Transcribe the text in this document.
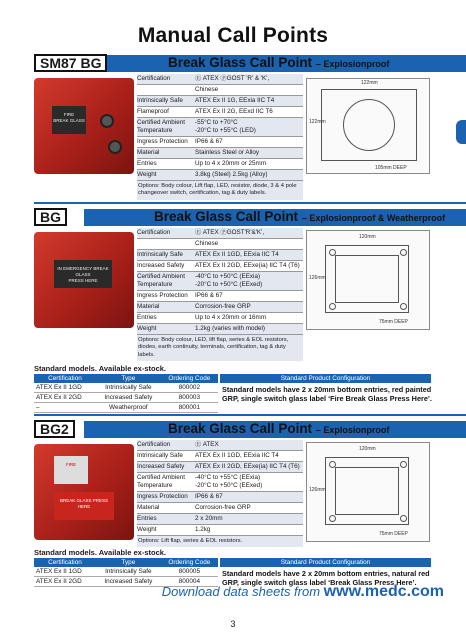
Manual Call Points
SM87 BG	Break Glass Call Point – Explosionproof
FIRE
BREAK GLASS
Certification	Ⓔ ATEX ⓅGOST 'R' & 'K',
Chinese
Intrinsically Safe	ATEX Ex II 1G, EExia IIC T4
Flameproof	ATEX Ex II 2G, EExd IIC T6
Certified Ambient Temperature
-55°C to +70°C
-20°C to +55°C (LED)
Ingress Protection	IP66 & 67
Material	Stainless Steel or Alloy
Entries	Up to 4 x 20mm or 25mm
Weight	3.8kg (Steel) 2.5kg (Alloy)
Options: Body colour, Lift flap, LED, resistor, diode, 3 & 4 pole changeover switch, certification, tag & duty labels.
122mm
122mm
105mm DEEP
BG	Break Glass Call Point – Explosionproof & Weatherproof
IN EMERGENCY BREAK GLASS
PRESS HERE
Certification	Ⓔ ATEX ⓅGOST'R'&'K',
Chinese
Intrinsically Safe	ATEX Ex II 1GD, EExia IIC T4
Increased Safety	ATEX Ex II 2GD, EExe(ia) IIC T4 (T6)
Certified Ambient Temperature
-40°C to +50°C (EExia)
-20°C to +50°C (EExed)
Ingress Protection	IP66 & 67
Material	Corrosion-free GRP
Entries	Up to 4 x 20mm or 16mm
Weight	1.2kg (varies with model)
Options: Body colour, LED, lift flap, series & EOL resistors, diodes, earth continuity, terminals, certification, tag & duty labels.
120mm
126mm
75mm DEEP
Standard models. Available ex-stock.
Certification	Type	Ordering Code
ATEX Ex II 1GD	Intrinsically Safe	800002
ATEX Ex II 2GD	Increased Safety	800003
–	Weatherproof	800001
Standard Product Configuration
Standard models have 2 x 20mm bottom entries, red painted GRP, single switch glass label ‘Fire Break Glass Press Here’.
BG2	Break Glass Call Point – Explosionproof
FIRE
BREAK GLASS PRESS HERE
Certification	Ⓔ ATEX
Intrinsically Safe	ATEX Ex II 1GD, EExia IIC T4
Increased Safety	ATEX Ex II 2GD, EExe(ia) IIC T4 (T6)
Certified Ambient Temperature
-40°C to +55°C (EExia)
-20°C to +50°C (EExed)
Ingress Protection	IP66 & 67
Material	Corrosion-free GRP
Entries	2 x 20mm
Weight	1.2kg
Options: Lift flap, series & EOL resistors.
120mm
126mm
75mm DEEP
Standard models. Available ex-stock.
Certification	Type	Ordering Code
ATEX Ex II 1GD	Intrinsically Safe	800005
ATEX Ex II 2GD	Increased Safety	800004
Standard Product Configuration
Standard models have 2 x 20mm bottom entries, natural red GRP, single switch glass label ‘Break Glass Press Here’.
Download data sheets from www.medc.com
3
